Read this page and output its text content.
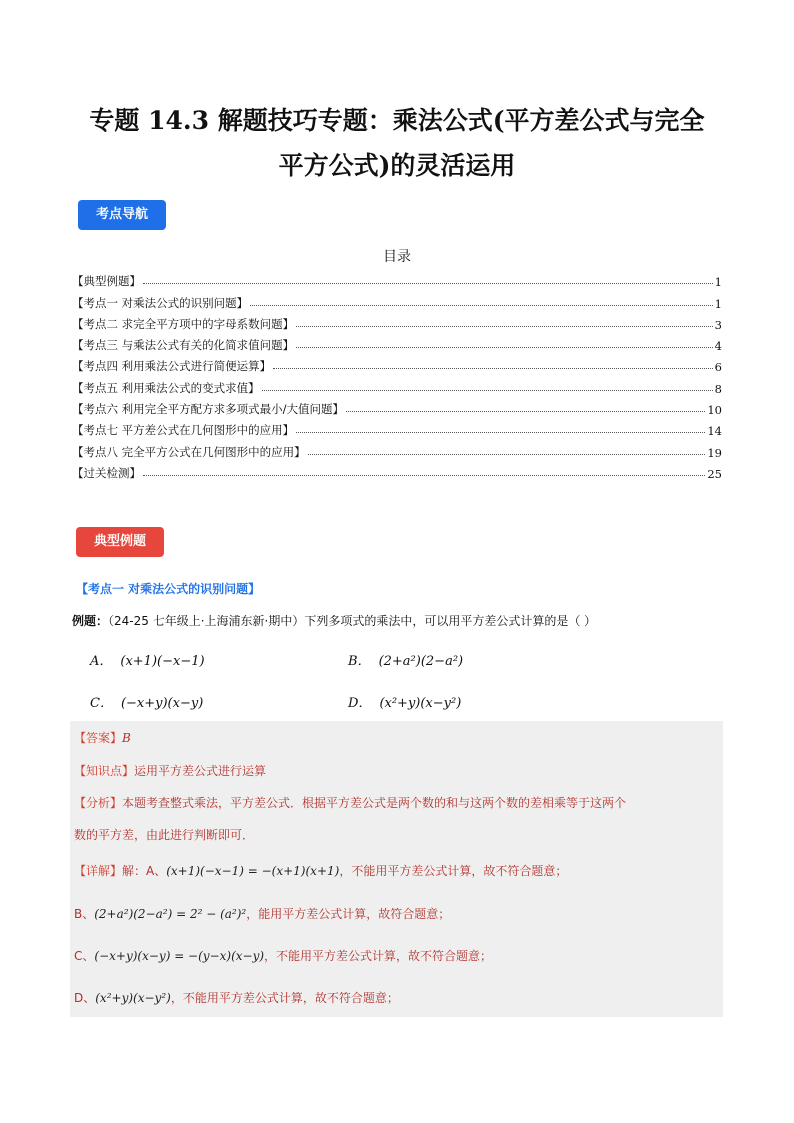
专题 14.3 解题技巧专题：乘法公式(平方差公式与完全
平方公式)的灵活运用
考点导航
目录
【典型例题】	1
【考点一 对乘法公式的识别问题】	1
【考点二 求完全平方项中的字母系数问题】	3
【考点三 与乘法公式有关的化简求值问题】	4
【考点四 利用乘法公式进行简便运算】	6
【考点五 利用乘法公式的变式求值】	8
【考点六 利用完全平方配方求多项式最小/大值问题】	10
【考点七 平方差公式在几何图形中的应用】	14
【考点八 完全平方公式在几何图形中的应用】	19
【过关检测】	25
典型例题
【考点一 对乘法公式的识别问题】
例题：（24-25 七年级上·上海浦东新·期中）下列多项式的乘法中，可以用平方差公式计算的是（ ）
A． (x+1)(−x−1)	B． (2+a²)(2−a²)
C． (−x+y)(x−y)	D． (x²+y)(x−y²)
【答案】B
【知识点】运用平方差公式进行运算
【分析】本题考查整式乘法，平方差公式．根据平方差公式是两个数的和与这两个数的差相乘等于这两个
数的平方差，由此进行判断即可．
【详解】解：A、(x+1)(−x−1) = −(x+1)(x+1)，不能用平方差公式计算，故不符合题意；
B、(2+a²)(2−a²) = 2² − (a²)²，能用平方差公式计算，故符合题意；
C、(−x+y)(x−y) = −(y−x)(x−y)，不能用平方差公式计算，故不符合题意；
D、(x²+y)(x−y²)，不能用平方差公式计算，故不符合题意；
